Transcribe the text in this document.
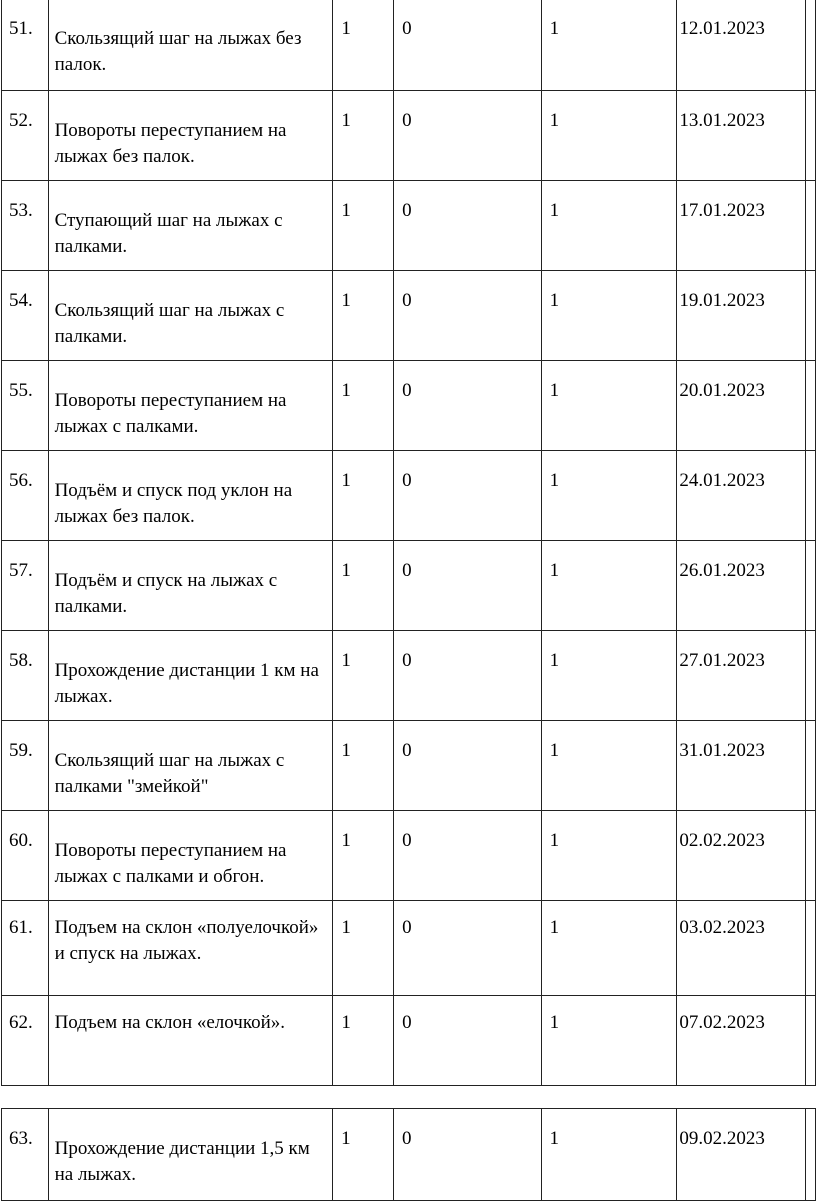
51.	Скользящий шаг на лыжах без палок.	1	0	1	12.01.2023	
52.	Повороты переступанием на лыжах без палок.	1	0	1	13.01.2023	
53.	Ступающий шаг на лыжах с палками.	1	0	1	17.01.2023	
54.	Скользящий шаг на лыжах с палками.	1	0	1	19.01.2023	
55.	Повороты переступанием на лыжах с палками.	1	0	1	20.01.2023	
56.	Подъём и спуск под уклон на лыжах без палок.	1	0	1	24.01.2023	
57.	Подъём и спуск на лыжах с палками.	1	0	1	26.01.2023	
58.	Прохождение дистанции 1 км на лыжах.	1	0	1	27.01.2023	
59.	Скользящий шаг на лыжах с палками "змейкой"	1	0	1	31.01.2023	
60.	Повороты переступанием на лыжах с палками и обгон.	1	0	1	02.02.2023	
61.	Подъем на склон «полуелочкой» и спуск на лыжах.	1	0	1	03.02.2023	
62.	Подъем на склон «елочкой».	1	0	1	07.02.2023	
63.	Прохождение дистанции 1,5 км на лыжах.	1	0	1	09.02.2023	
